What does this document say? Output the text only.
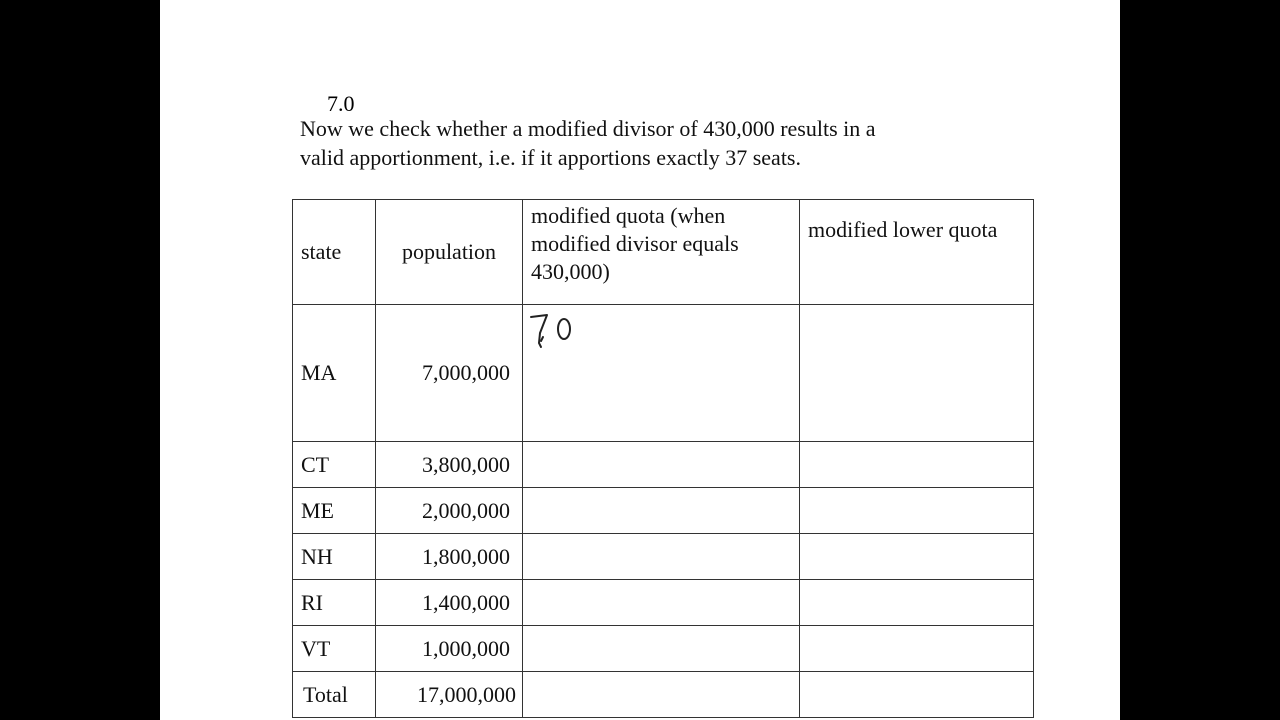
Now we check whether a modified divisor of 430,000 results in a
valid apportionment, i.e. if it apportions exactly 37 seats.

state	population	modified quota (when modified divisor equals 430,000)	modified lower quota
MA	7,000,000	7.0	

CT	3,800,000		
ME	2,000,000		
NH	1,800,000		
RI	1,400,000		
VT	1,000,000		
Total	17,000,000		
